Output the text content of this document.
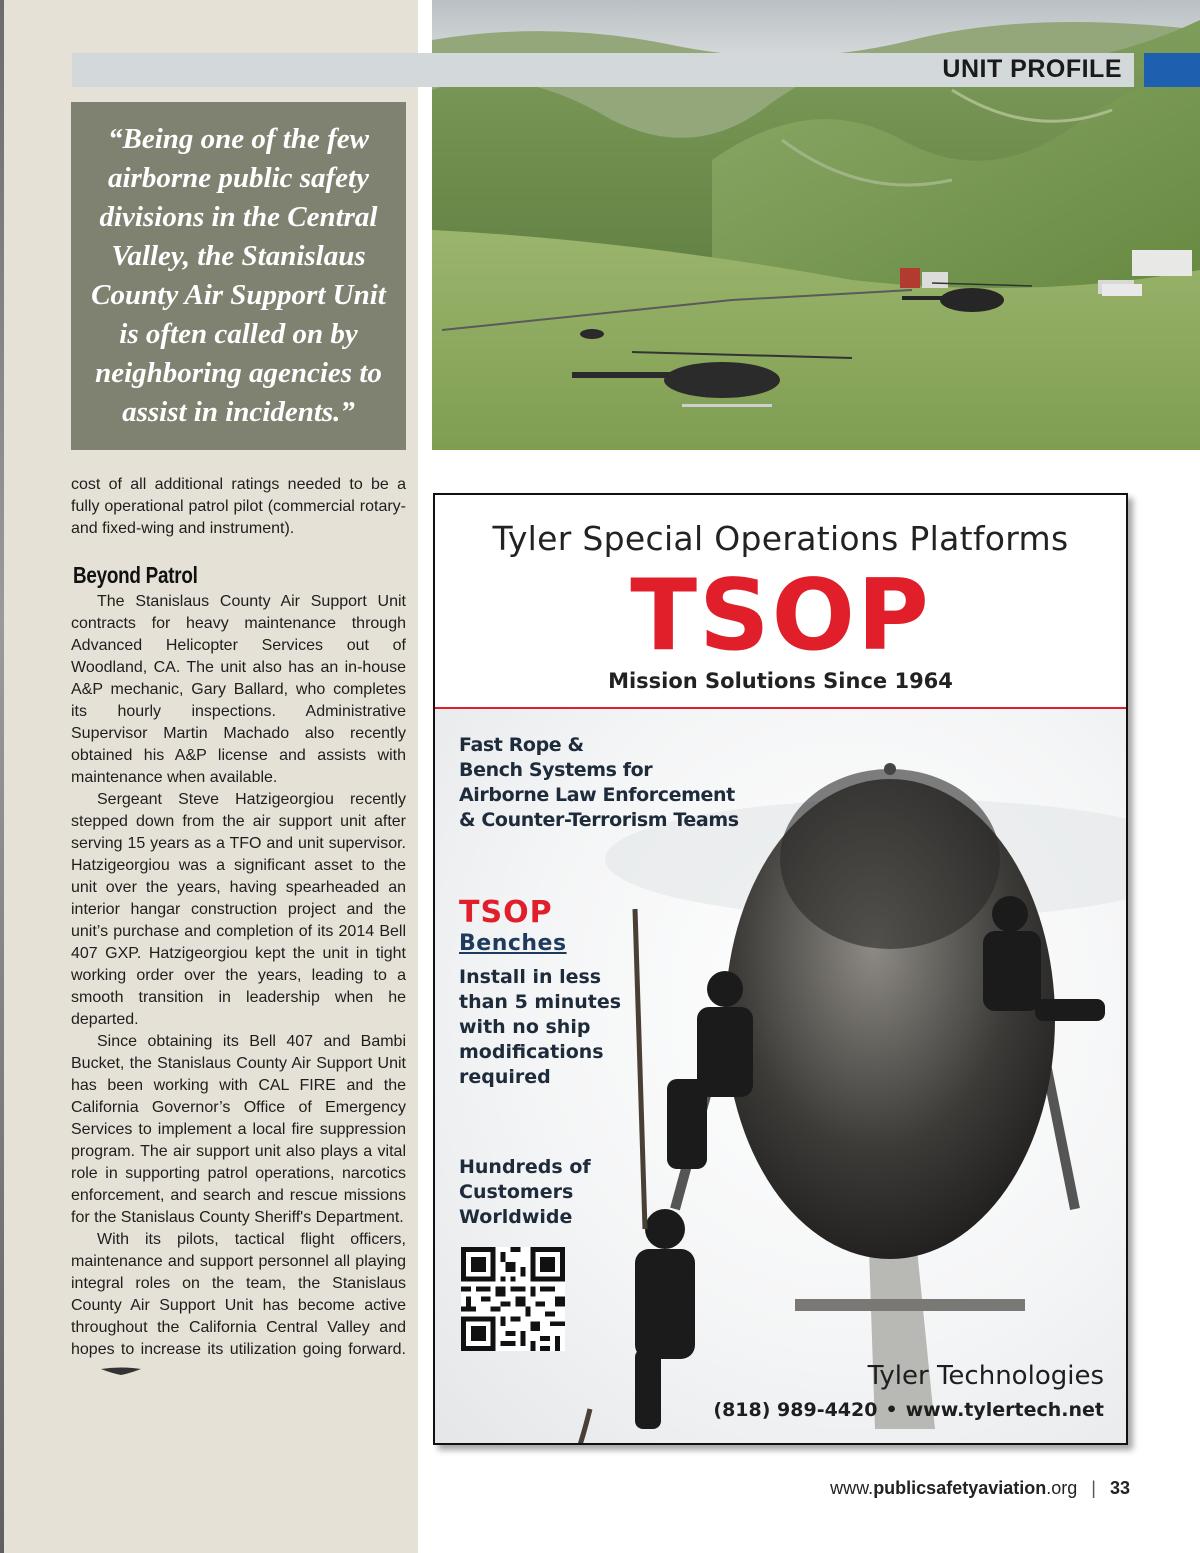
UNIT PROFILE

“Being one of the few airborne public safety divisions in the Central Valley, the Stanislaus County Air Support Unit is often called on by neighboring agencies to assist in incidents.”

cost of all additional ratings needed to be a fully operational patrol pilot (commercial rotary- and fixed-wing and instrument).

Beyond Patrol

The Stanislaus County Air Support Unit contracts for heavy maintenance through Advanced Helicopter Services out of Woodland, CA. The unit also has an in-house A&P mechanic, Gary Ballard, who completes its hourly inspections. Administrative Supervisor Martin Machado also recently obtained his A&P license and assists with maintenance when available.

Sergeant Steve Hatzigeorgiou recently stepped down from the air support unit after serving 15 years as a TFO and unit supervisor. Hatzigeorgiou was a significant asset to the unit over the years, having spearheaded an interior hangar construction project and the unit’s purchase and completion of its 2014 Bell 407 GXP. Hatzigeorgiou kept the unit in tight working order over the years, leading to a smooth transition in leadership when he departed.

Since obtaining its Bell 407 and Bambi Bucket, the Stanislaus County Air Support Unit has been working with CAL FIRE and the California Governor’s Office of Emergency Services to implement a local fire suppression program. The air support unit also plays a vital role in supporting patrol operations, narcotics enforcement, and search and rescue missions for the Stanislaus County Sheriff's Department.

With its pilots, tactical flight officers, maintenance and support personnel all playing integral roles on the team, the Stanislaus County Air Support Unit has become active throughout the California Central Valley and hopes to increase its utilization going forward.

Tyler Special Operations Platforms
TSOP
Mission Solutions Since 1964
Fast Rope &
Bench Systems for
Airborne Law Enforcement
& Counter-Terrorism Teams
TSOP
Benches
Install in less
than 5 minutes
with no ship
modifications
required
Hundreds of
Customers
Worldwide
Tyler Technologies
(818) 989-4420 • www.tylertech.net
www.publicsafetyaviation.org | 33
